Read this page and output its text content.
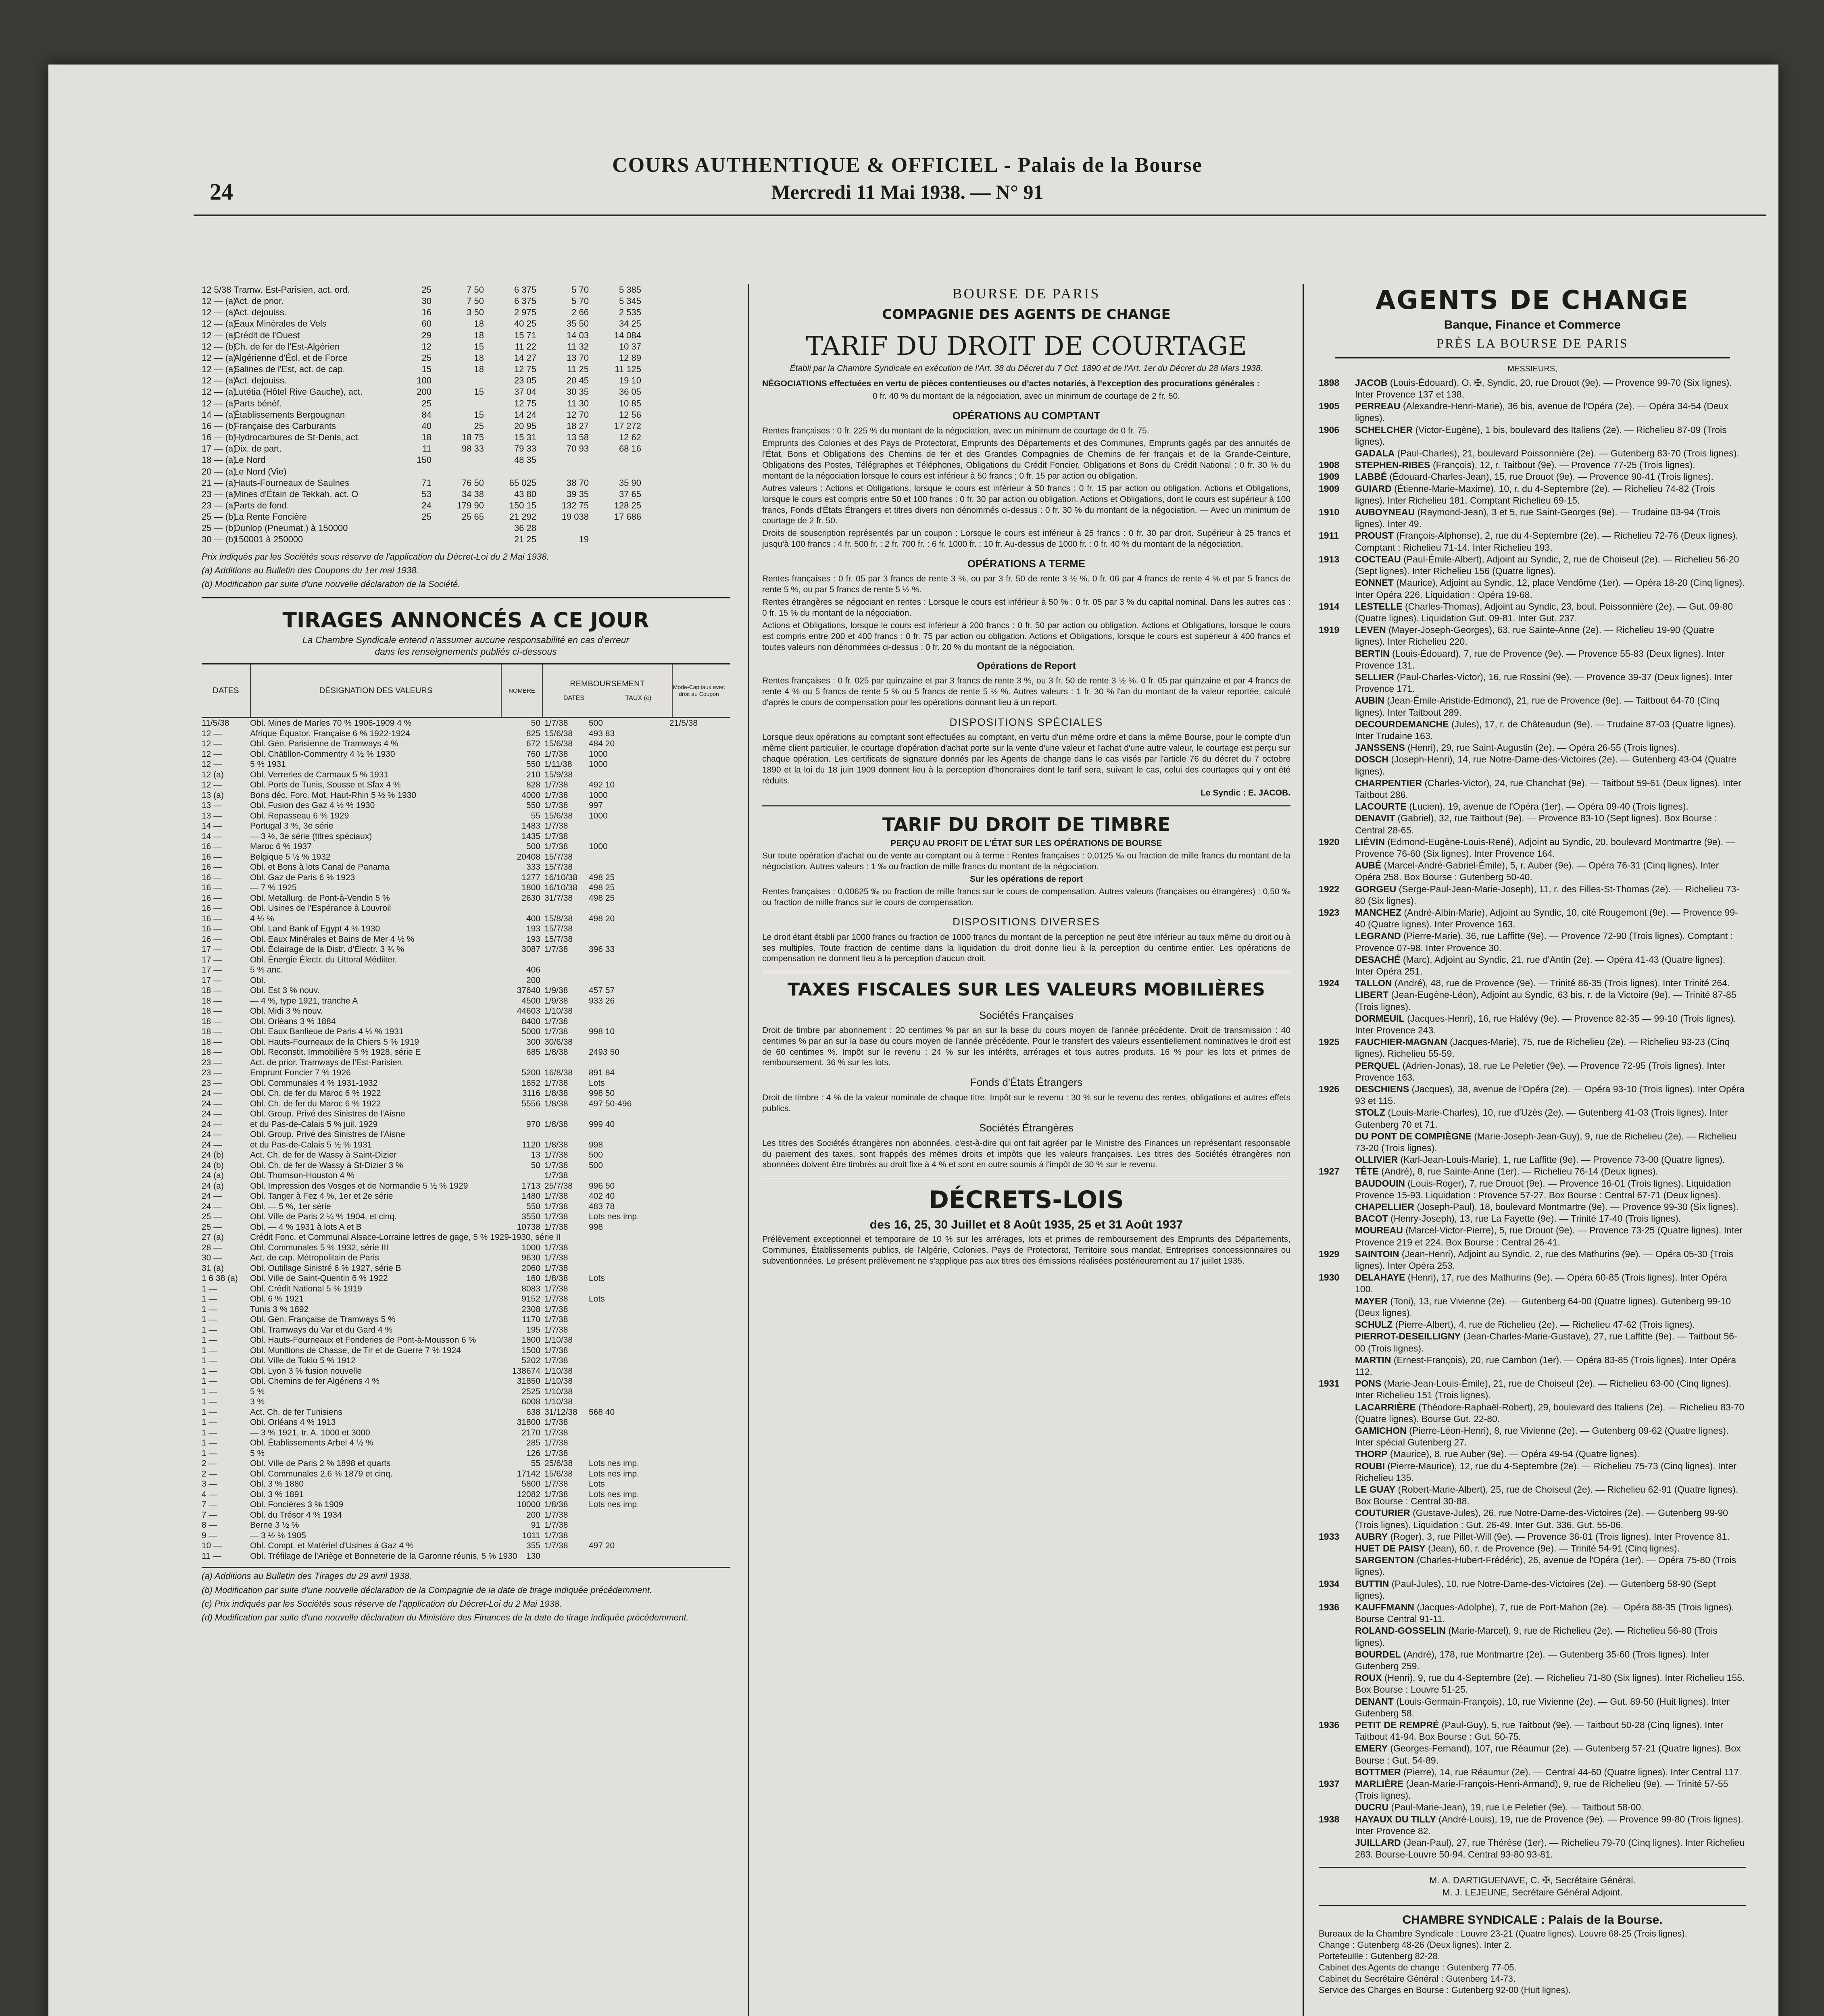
24
COURS AUTHENTIQUE & OFFICIEL - Palais de la Bourse
Mercredi 11 Mai 1938. — N° 91
12 5/38 Tramw. Est-Parisien, act. ord.	25	7 50	6 375	5 70	5 385
12 — (a)
Act. de prior.	30	7 50	6 375	5 70	5 345
12 — (a)
Act. dejouiss.	16	3 50	2 975	2 66	2 535
12 — (a)
Eaux Minérales de Vels	60	18	40 25	35 50	34 25
12 — (a)
Crédit de l'Ouest	29	18	15 71	14 03	14 084
12 — (b)
Ch. de fer de l'Est-Algérien	12	15	11 22	11 32	10 37
12 — (a)
Algérienne d'Écl. et de Force	25	18	14 27	13 70	12 89
12 — (a)
Salines de l'Est, act. de cap.	15	18	12 75	11 25	11 125
12 — (a)
Act. dejouiss.	100	23 05	20 45	19 10
12 — (a)
Lutétia (Hôtel Rive Gauche), act.	200	15	37 04	30 35	36 05
12 — (a)
Parts bénéf.	25	12 75	11 30	10 85
14 — (a)
Établissements Bergougnan	84	15	14 24	12 70	12 56
16 — (b)
Française des Carburants	40	25	20 95	18 27	17 272
16 — (b)
Hydrocarbures de St-Denis, act.	18	18 75	15 31	13 58	12 62
17 — (a)
Dix. de part.	11	98 33	79 33	70 93	68 16
18 — (a)
Le Nord	150	48 35
20 — (a)
Le Nord (Vie)
21 — (a)
Hauts-Fourneaux de Saulnes	71	76 50	65 025	38 70	35 90
23 — (a)
Mines d'Étain de Tekkah, act. O	53	34 38	43 80	39 35	37 65
23 — (a)
Parts de fond.	24	179 90	150 15	132 75	128 25
25 — (b)
La Rente Foncière	25	25 65	21 292	19 038	17 686
25 — (b)
Dunlop (Pneumat.) à 150000	36 28
30 — (b)
150001 à 250000	21 25	19
Prix indiqués par les Sociétés sous réserve de l'application du Décret-Loi du 2 Mai 1938.
(a) Additions au Bulletin des Coupons du 1er mai 1938.
(b) Modification par suite d'une nouvelle déclaration de la Société.
TIRAGES ANNONCÉS A CE JOUR
La Chambre Syndicale entend n'assumer aucune responsabilité en cas d'erreur
dans les renseignements publiés ci-dessous
DATES	DÉSIGNATION DES VALEURS	NOMBRE
REMBOURSEMENT
DATES	TAUX (c)
Mode-Capitaux avec droit au Coupon
11/5/38	Obl. Mines de Marles 70 % 1906-1909 4 %	50 1/7/38	500	21/5/38
12 —	Afrique Équator. Française 6 % 1922-1924	825 15/6/38	493 83
12 —	Obl. Gén. Parisienne de Tramways 4 %	672 15/6/38	484 20
12 —	Obl. Châtillon-Commentry 4 ½ % 1930	760 1/7/38	1000
12 —	5 % 1931	550 1/11/38	1000
12 (a)	Obl. Verreries de Carmaux 5 % 1931	210 15/9/38
12 —	Obl. Ports de Tunis, Sousse et Sfax 4 %	828 1/7/38	492 10
13 (a)	Bons déc. Forc. Mot. Haut-Rhin 5 ½ % 1930	4000 1/7/38	1000
13 —	Obl. Fusion des Gaz 4 ½ % 1930	550 1/7/38	997
13 —	Obl. Repasseau 6 % 1929	55 15/6/38	1000
14 —	Portugal 3 %, 3e série	1483 1/7/38
14 —	— 3 ½, 3e série (titres spéciaux)	1435 1/7/38
16 —	Maroc 6 % 1937	500 1/7/38	1000
16 —	Belgique 5 ½ % 1932	20408 15/7/38
16 —	Obl. et Bons à lots Canal de Panama	333 15/7/38
16 —	Obl. Gaz de Paris 6 % 1923	1277 16/10/38	498 25
16 —	— 7 % 1925	1800 16/10/38	498 25
16 —	Obl. Metallurg. de Pont-à-Vendin 5 %	2630 31/7/38	498 25
16 —	Obl. Usines de l'Espérance à Louvroil
16 —	4 ½ %	400 15/8/38	498 20
16 —	Obl. Land Bank of Egypt 4 % 1930	193 15/7/38
16 —	Obl. Eaux Minérales et Bains de Mer 4 ½ %	193 15/7/38
17 —	Obl. Éclairage de la Distr. d'Électr. 3 ¾ %	3087 1/7/38	396 33
17 —	Obl. Énergie Électr. du Littoral Médiiter.
17 —	5 % anc.	406
17 —	Obl.	200
18 —	Obl. Est 3 % nouv.	37640 1/9/38	457 57
18 —	— 4 %, type 1921, tranche A	4500 1/9/38	933 26
18 —	Obl. Midi 3 % nouv.	44603 1/10/38
18 —	Obl. Orléans 3 % 1884	8400 1/7/38
18 —	Obl. Eaux Banlieue de Paris 4 ½ % 1931	5000 1/7/38	998 10
18 —	Obl. Hauts-Fourneaux de la Chiers 5 % 1919	300 30/6/38
18 —	Obl. Reconstit. Immobilière 5 % 1928, série E	685 1/8/38	2493 50
23 —	Act. de prior. Tramways de l'Est-Parisien.
23 —	Emprunt Foncier 7 % 1926	5200 16/8/38	891 84
23 —	Obl. Communales 4 % 1931-1932	1652 1/7/38	Lots
24 —	Obl. Ch. de fer du Maroc 6 % 1922	3116 1/8/38	998 50
24 —	Obl. Ch. de fer du Maroc 6 % 1922	5556 1/8/38	497 50-496
24 —	Obl. Group. Privé des Sinistres de l'Aisne
24 —	et du Pas-de-Calais 5 % juil. 1929	970 1/8/38	999 40
24 —	Obl. Group. Privé des Sinistres de l'Aisne
24 —	et du Pas-de-Calais 5 ½ % 1931	1120 1/8/38	998
24 (b)	Act. Ch. de fer de Wassy à Saint-Dizier	13 1/7/38	500
24 (b)	Obl. Ch. de fer de Wassy à St-Dizier 3 %	50 1/7/38	500
24 (a)	Obl. Thomson-Houston 4 %	1/7/38
24 (a)	Obl. Impression des Vosges et de Normandie 5 ½ % 1929	1713 25/7/38	996 50
24 —	Obl. Tanger à Fez 4 %, 1er et 2e série	1480 1/7/38	402 40
24 —	Obl. — 5 %, 1er série	550 1/7/38	483 78
25 —	Obl. Ville de Paris 2 ¼ % 1904, et cinq.	3550 1/7/38	Lots nes imp.
25 —	Obl. — 4 % 1931 à lots A et B	10738 1/7/38	998
27 (a)	Crédit Fonc. et Communal Alsace-Lorraine lettres de gage, 5 % 1929-1930, série II
28 —	Obl. Communales 5 % 1932, série III	1000 1/7/38
30 —	Act. de cap. Métropolitain de Paris	9630 1/7/38
31 (a)	Obl. Outillage Sinistré 6 % 1927, série B	2060 1/7/38
1 6 38 (a)	Obl. Ville de Saint-Quentin 6 % 1922	160 1/8/38	Lots
1 —	Obl. Crédit National 5 % 1919	8083 1/7/38
1 —	Obl. 6 % 1921	9152 1/7/38	Lots
1 —	Tunis 3 % 1892	2308 1/7/38
1 —	Obl. Gén. Française de Tramways 5 %	1170 1/7/38
1 —	Obl. Tramways du Var et du Gard 4 %	195 1/7/38
1 —	Obl. Hauts-Fourneaux et Fonderies de Pont-à-Mousson 6 %	1800 1/10/38
1 —	Obl. Munitions de Chasse, de Tir et de Guerre 7 % 1924	1500 1/7/38
1 —	Obl. Ville de Tokio 5 % 1912	5202 1/7/38
1 —	Obl. Lyon 3 % fusion nouvelle	138674 1/10/38
1 —	Obl. Chemins de fer Algériens 4 %	31850 1/10/38
1 —	5 %	2525 1/10/38
1 —	3 %	6008 1/10/38
1 —	Act. Ch. de fer Tunisiens	638 31/12/38	568 40
1 —	Obl. Orléans 4 % 1913	31800 1/7/38
1 —	— 3 % 1921, tr. A. 1000 et 3000	2170 1/7/38
1 —	Obl. Établissements Arbel 4 ½ %	285 1/7/38
1 —	5 %	126 1/7/38
2 —	Obl. Ville de Paris 2 % 1898 et quarts	55 25/6/38	Lots nes imp.
2 —	Obl. Communales 2,6 % 1879 et cinq.	17142 15/6/38	Lots nes imp.
3 —	Obl. 3 % 1880	5800 1/7/38	Lots
4 —	Obl. 3 % 1891	12082 1/7/38	Lots nes imp.
7 —	Obl. Foncières 3 % 1909	10000 1/8/38	Lots nes imp.
7 —	Obl. du Trésor 4 % 1934	200 1/7/38
8 —	Berne 3 ½ %	91 1/7/38
9 —	— 3 ½ % 1905	1011 1/7/38
10 —	Obl. Compt. et Matériel d'Usines à Gaz 4 %	355 1/7/38	497 20
11 —	Obl. Tréfilage de l'Ariège et Bonneterie de la Garonne réunis, 5 % 1930	130
(a) Additions au Bulletin des Tirages du 29 avril 1938.
(b) Modification par suite d'une nouvelle déclaration de la Compagnie de la date de tirage indiquée précédemment.
(c) Prix indiqués par les Sociétés sous réserve de l'application du Décret-Loi du 2 Mai 1938.
(d) Modification par suite d'une nouvelle déclaration du Ministère des Finances de la date de tirage indiquée précédemment.
BOURSE DE PARIS
COMPAGNIE DES AGENTS DE CHANGE
TARIF DU DROIT DE COURTAGE
Établi par la Chambre Syndicale en exécution de l'Art. 38 du Décret du 7 Oct. 1890 et de l'Art. 1er du Décret du 28 Mars 1938.
NÉGOCIATIONS effectuées en vertu de pièces contentieuses ou d'actes notariés, à l'exception des procurations générales :
0 fr. 40 % du montant de la négociation, avec un minimum de courtage de 2 fr. 50.
OPÉRATIONS AU COMPTANT
Rentes françaises : 0 fr. 225 % du montant de la négociation, avec un minimum de courtage de 0 fr. 75.
Emprunts des Colonies et des Pays de Protectorat, Emprunts des Départements et des Communes, Emprunts gagés par des annuités de l'État, Bons et Obligations des Chemins de fer et des Grandes Compagnies de Chemins de fer français et de la Grande-Ceinture, Obligations des Postes, Télégraphes et Téléphones, Obligations du Crédit Foncier, Obligations et Bons du Crédit National : 0 fr. 30 % du montant de la négociation lorsque le cours est inférieur à 50 francs ; 0 fr. 15 par action ou obligation.
Autres valeurs : Actions et Obligations, lorsque le cours est inférieur à 50 francs : 0 fr. 15 par action ou obligation. Actions et Obligations, lorsque le cours est compris entre 50 et 100 francs : 0 fr. 30 par action ou obligation. Actions et Obligations, dont le cours est supérieur à 100 francs, Fonds d'États Étrangers et titres divers non dénommés ci-dessus : 0 fr. 30 % du montant de la négociation. — Avec un minimum de courtage de 2 fr. 50.
Droits de souscription représentés par un coupon : Lorsque le cours est inférieur à 25 francs : 0 fr. 30 par droit. Supérieur à 25 francs et jusqu'à 100 francs : 4 fr. 500 fr. : 2 fr. 700 fr. : 6 fr. 1000 fr. : 10 fr. Au-dessus de 1000 fr. : 0 fr. 40 % du montant de la négociation.
OPÉRATIONS A TERME
Rentes françaises : 0 fr. 05 par 3 francs de rente 3 %, ou par 3 fr. 50 de rente 3 ½ %. 0 fr. 06 par 4 francs de rente 4 % et par 5 francs de rente 5 %, ou par 5 francs de rente 5 ½ %.
Rentes étrangères se négociant en rentes : Lorsque le cours est inférieur à 50 % : 0 fr. 05 par 3 % du capital nominal. Dans les autres cas : 0 fr. 15 % du montant de la négociation.
Actions et Obligations, lorsque le cours est inférieur à 200 francs : 0 fr. 50 par action ou obligation. Actions et Obligations, lorsque le cours est compris entre 200 et 400 francs : 0 fr. 75 par action ou obligation. Actions et Obligations, lorsque le cours est supérieur à 400 francs et toutes valeurs non dénommées ci-dessus : 0 fr. 20 % du montant de la négociation.
Opérations de Report
Rentes françaises : 0 fr. 025 par quinzaine et par 3 francs de rente 3 %, ou 3 fr. 50 de rente 3 ½ %. 0 fr. 05 par quinzaine et par 4 francs de rente 4 % ou 5 francs de rente 5 % ou 5 francs de rente 5 ½ %. Autres valeurs : 1 fr. 30 % l'an du montant de la valeur reportée, calculé d'après le cours de compensation pour les opérations donnant lieu à un report.
DISPOSITIONS SPÉCIALES
Lorsque deux opérations au comptant sont effectuées au comptant, en vertu d'un même ordre et dans la même Bourse, pour le compte d'un même client particulier, le courtage d'opération d'achat porte sur la vente d'une valeur et l'achat d'une autre valeur, le courtage est perçu sur chaque opération. Les certificats de signature donnés par les Agents de change dans le cas visés par l'article 76 du décret du 7 octobre 1890 et la loi du 18 juin 1909 donnent lieu à la perception d'honoraires dont le tarif sera, suivant le cas, celui des courtages qui y ont été réduits.
Le Syndic : E. JACOB.
TARIF DU DROIT DE TIMBRE
PERÇU AU PROFIT DE L'ÉTAT SUR LES OPÉRATIONS DE BOURSE
Sur toute opération d'achat ou de vente au comptant ou à terme : Rentes françaises : 0,0125 ‰ ou fraction de mille francs du montant de la négociation. Autres valeurs : 1 ‰ ou fraction de mille francs du montant de la négociation.
Sur les opérations de report
Rentes françaises : 0,00625 ‰ ou fraction de mille francs sur le cours de compensation. Autres valeurs (françaises ou étrangères) : 0,50 ‰ ou fraction de mille francs sur le cours de compensation.
DISPOSITIONS DIVERSES
Le droit étant établi par 1000 francs ou fraction de 1000 francs du montant de la perception ne peut être inférieur au taux même du droit ou à ses multiples. Toute fraction de centime dans la liquidation du droit donne lieu à la perception du centime entier. Les opérations de compensation ne donnent lieu à la perception d'aucun droit.
TAXES FISCALES SUR LES VALEURS MOBILIÈRES
Sociétés Françaises
Droit de timbre par abonnement : 20 centimes % par an sur la base du cours moyen de l'année précédente. Droit de transmission : 40 centimes % par an sur la base du cours moyen de l'année précédente. Pour le transfert des valeurs essentiellement nominatives le droit est de 60 centimes %. Impôt sur le revenu : 24 % sur les intérêts, arrérages et tous autres produits. 16 % pour les lots et primes de remboursement. 36 % sur les lots.
Fonds d'États Étrangers
Droit de timbre : 4 % de la valeur nominale de chaque titre. Impôt sur le revenu : 30 % sur le revenu des rentes, obligations et autres effets publics.
Sociétés Étrangères
Les titres des Sociétés étrangères non abonnées, c'est-à-dire qui ont fait agréer par le Ministre des Finances un représentant responsable du paiement des taxes, sont frappés des mêmes droits et impôts que les valeurs françaises. Les titres des Sociétés étrangères non abonnées doivent être timbrés au droit fixe à 4 % et sont en outre soumis à l'impôt de 30 % sur le revenu.
DÉCRETS-LOIS
des 16, 25, 30 Juillet et 8 Août 1935, 25 et 31 Août 1937
Prélèvement exceptionnel et temporaire de 10 % sur les arrérages, lots et primes de remboursement des Emprunts des Départements, Communes, Établissements publics, de l'Algérie, Colonies, Pays de Protectorat, Territoire sous mandat, Entreprises concessionnaires ou subventionnées. Le présent prélèvement ne s'applique pas aux titres des émissions réalisées postérieurement au 17 juillet 1935.
AGENTS DE CHANGE
Banque, Finance et Commerce
PRÈS LA BOURSE DE PARIS
MESSIEURS,
1898	JACOB (Louis-Édouard), O. ✠, Syndic, 20, rue Drouot (9e). — Provence 99-70 (Six lignes). Inter Provence 137 et 138.
1905	PERREAU (Alexandre-Henri-Marie), 36 bis, avenue de l'Opéra (2e). — Opéra 34-54 (Deux lignes).
1906	SCHELCHER (Victor-Eugène), 1 bis, boulevard des Italiens (2e). — Richelieu 87-09 (Trois lignes).
GADALA (Paul-Charles), 21, boulevard Poissonnière (2e). — Gutenberg 83-70 (Trois lignes).
1908	STEPHEN-RIBES (François), 12, r. Taitbout (9e). — Provence 77-25 (Trois lignes).
1909	LABBÉ (Édouard-Charles-Jean), 15, rue Drouot (9e). — Provence 90-41 (Trois lignes).
1909	GUIARD (Étienne-Marie-Maxime), 10, r. du 4-Septembre (2e). — Richelieu 74-82 (Trois lignes). Inter Richelieu 181. Comptant Richelieu 69-15.
1910	AUBOYNEAU (Raymond-Jean), 3 et 5, rue Saint-Georges (9e). — Trudaine 03-94 (Trois lignes). Inter 49.
1911	PROUST (François-Alphonse), 2, rue du 4-Septembre (2e). — Richelieu 72-76 (Deux lignes). Comptant : Richelieu 71-14. Inter Richelieu 193.
1913	COCTEAU (Paul-Émile-Albert), Adjoint au Syndic, 2, rue de Choiseul (2e). — Richelieu 56-20 (Sept lignes). Inter Richelieu 156 (Quatre lignes).
EONNET (Maurice), Adjoint au Syndic, 12, place Vendôme (1er). — Opéra 18-20 (Cinq lignes). Inter Opéra 226. Liquidation : Opéra 19-68.
1914	LESTELLE (Charles-Thomas), Adjoint au Syndic, 23, boul. Poissonnière (2e). — Gut. 09-80 (Quatre lignes). Liquidation Gut. 09-81. Inter Gut. 237.
1919	LEVEN (Mayer-Joseph-Georges), 63, rue Sainte-Anne (2e). — Richelieu 19-90 (Quatre lignes). Inter Richelieu 220.
BERTIN (Louis-Édouard), 7, rue de Provence (9e). — Provence 55-83 (Deux lignes). Inter Provence 131.
SELLIER (Paul-Charles-Victor), 16, rue Rossini (9e). — Provence 39-37 (Deux lignes). Inter Provence 171.
AUBIN (Jean-Émile-Aristide-Edmond), 21, rue de Provence (9e). — Taitbout 64-70 (Cinq lignes). Inter Taitbout 289.
DECOURDEMANCHE (Jules), 17, r. de Châteaudun (9e). — Trudaine 87-03 (Quatre lignes). Inter Trudaine 163.
JANSSENS (Henri), 29, rue Saint-Augustin (2e). — Opéra 26-55 (Trois lignes).
DOSCH (Joseph-Henri), 14, rue Notre-Dame-des-Victoires (2e). — Gutenberg 43-04 (Quatre lignes).
CHARPENTIER (Charles-Victor), 24, rue Chanchat (9e). — Taitbout 59-61 (Deux lignes). Inter Taitbout 286.
LACOURTE (Lucien), 19, avenue de l'Opéra (1er). — Opéra 09-40 (Trois lignes).
DENAVIT (Gabriel), 32, rue Taitbout (9e). — Provence 83-10 (Sept lignes). Box Bourse : Central 28-65.
1920	LIÉVIN (Edmond-Eugène-Louis-René), Adjoint au Syndic, 20, boulevard Montmartre (9e). — Provence 76-60 (Six lignes). Inter Provence 164.
AUBÉ (Marcel-André-Gabriel-Émile), 5, r. Auber (9e). — Opéra 76-31 (Cinq lignes). Inter Opéra 258. Box Bourse : Gutenberg 50-40.
1922	GORGEU (Serge-Paul-Jean-Marie-Joseph), 11, r. des Filles-St-Thomas (2e). — Richelieu 73-80 (Six lignes).
1923	MANCHEZ (André-Albin-Marie), Adjoint au Syndic, 10, cité Rougemont (9e). — Provence 99-40 (Quatre lignes). Inter Provence 163.
LEGRAND (Pierre-Marie), 36, rue Laffitte (9e). — Provence 72-90 (Trois lignes). Comptant : Provence 07-98. Inter Provence 30.
DESACHÉ (Marc), Adjoint au Syndic, 21, rue d'Antin (2e). — Opéra 41-43 (Quatre lignes). Inter Opéra 251.
1924	TALLON (André), 48, rue de Provence (9e). — Trinité 86-35 (Trois lignes). Inter Trinité 264.
LIBERT (Jean-Eugène-Léon), Adjoint au Syndic, 63 bis, r. de la Victoire (9e). — Trinité 87-85 (Trois lignes).
DORMEUIL (Jacques-Henri), 16, rue Halévy (9e). — Provence 82-35 — 99-10 (Trois lignes). Inter Provence 243.
1925	FAUCHIER-MAGNAN (Jacques-Marie), 75, rue de Richelieu (2e). — Richelieu 93-23 (Cinq lignes). Richelieu 55-59.
PERQUEL (Adrien-Jonas), 18, rue Le Peletier (9e). — Provence 72-95 (Trois lignes). Inter Provence 163.
1926	DESCHIENS (Jacques), 38, avenue de l'Opéra (2e). — Opéra 93-10 (Trois lignes). Inter Opéra 93 et 115.
STOLZ (Louis-Marie-Charles), 10, rue d'Uzès (2e). — Gutenberg 41-03 (Trois lignes). Inter Gutenberg 70 et 71.
DU PONT DE COMPIÈGNE (Marie-Joseph-Jean-Guy), 9, rue de Richelieu (2e). — Richelieu 73-20 (Trois lignes).
OLLIVIER (Karl-Jean-Louis-Marie), 1, rue Laffitte (9e). — Provence 73-00 (Quatre lignes).
1927	TÊTE (André), 8, rue Sainte-Anne (1er). — Richelieu 76-14 (Deux lignes).
BAUDOUIN (Louis-Roger), 7, rue Drouot (9e). — Provence 16-01 (Trois lignes). Liquidation Provence 15-93. Liquidation : Provence 57-27. Box Bourse : Central 67-71 (Deux lignes).
CHAPELLIER (Joseph-Paul), 18, boulevard Montmartre (9e). — Provence 99-30 (Six lignes).
BACOT (Henry-Joseph), 13, rue La Fayette (9e). — Trinité 17-40 (Trois lignes).
MOUREAU (Marcel-Victor-Pierre), 5, rue Drouot (9e). — Provence 73-25 (Quatre lignes). Inter Provence 219 et 224. Box Bourse : Central 26-41.
1929	SAINTOIN (Jean-Henri), Adjoint au Syndic, 2, rue des Mathurins (9e). — Opéra 05-30 (Trois lignes). Inter Opéra 253.
1930	DELAHAYE (Henri), 17, rue des Mathurins (9e). — Opéra 60-85 (Trois lignes). Inter Opéra 100.
MAYER (Toni), 13, rue Vivienne (2e). — Gutenberg 64-00 (Quatre lignes). Gutenberg 99-10 (Deux lignes).
SCHULZ (Pierre-Albert), 4, rue de Richelieu (2e). — Richelieu 47-62 (Trois lignes).
PIERROT-DESEILLIGNY (Jean-Charles-Marie-Gustave), 27, rue Laffitte (9e). — Taitbout 56-00 (Trois lignes).
MARTIN (Ernest-François), 20, rue Cambon (1er). — Opéra 83-85 (Trois lignes). Inter Opéra 112.
1931	PONS (Marie-Jean-Louis-Émile), 21, rue de Choiseul (2e). — Richelieu 63-00 (Cinq lignes). Inter Richelieu 151 (Trois lignes).
LACARRIÈRE (Théodore-Raphaël-Robert), 29, boulevard des Italiens (2e). — Richelieu 83-70 (Quatre lignes). Bourse Gut. 22-80.
GAMICHON (Pierre-Léon-Henri), 8, rue Vivienne (2e). — Gutenberg 09-62 (Quatre lignes). Inter spécial Gutenberg 27.
THORP (Maurice), 8, rue Auber (9e). — Opéra 49-54 (Quatre lignes).
ROUBI (Pierre-Maurice), 12, rue du 4-Septembre (2e). — Richelieu 75-73 (Cinq lignes). Inter Richelieu 135.
LE GUAY (Robert-Marie-Albert), 25, rue de Choiseul (2e). — Richelieu 62-91 (Quatre lignes). Box Bourse : Central 30-88.
COUTURIER (Gustave-Jules), 26, rue Notre-Dame-des-Victoires (2e). — Gutenberg 99-90 (Trois lignes). Liquidation : Gut. 26-49. Inter Gut. 336. Gut. 55-06.
1933	AUBRY (Roger), 3, rue Pillet-Will (9e). — Provence 36-01 (Trois lignes). Inter Provence 81.
HUET DE PAISY (Jean), 60, r. de Provence (9e). — Trinité 54-91 (Cinq lignes).
SARGENTON (Charles-Hubert-Frédéric), 26, avenue de l'Opéra (1er). — Opéra 75-80 (Trois lignes).
1934	BUTTIN (Paul-Jules), 10, rue Notre-Dame-des-Victoires (2e). — Gutenberg 58-90 (Sept lignes).
1936	KAUFFMANN (Jacques-Adolphe), 7, rue de Port-Mahon (2e). — Opéra 88-35 (Trois lignes). Bourse Central 91-11.
ROLAND-GOSSELIN (Marie-Marcel), 9, rue de Richelieu (2e). — Richelieu 56-80 (Trois lignes).
BOURDEL (André), 178, rue Montmartre (2e). — Gutenberg 35-60 (Trois lignes). Inter Gutenberg 259.
ROUX (Henri), 9, rue du 4-Septembre (2e). — Richelieu 71-80 (Six lignes). Inter Richelieu 155. Box Bourse : Louvre 51-25.
DENANT (Louis-Germain-François), 10, rue Vivienne (2e). — Gut. 89-50 (Huit lignes). Inter Gutenberg 58.
1936	PETIT DE REMPRÉ (Paul-Guy), 5, rue Taitbout (9e). — Taitbout 50-28 (Cinq lignes). Inter Taitbout 41-94. Box Bourse : Gut. 50-75.
EMERY (Georges-Fernand), 107, rue Réaumur (2e). — Gutenberg 57-21 (Quatre lignes). Box Bourse : Gut. 54-89.
BOTTMER (Pierre), 14, rue Réaumur (2e). — Central 44-60 (Quatre lignes). Inter Central 117.
1937	MARLIÈRE (Jean-Marie-François-Henri-Armand), 9, rue de Richelieu (9e). — Trinité 57-55 (Trois lignes).
DUCRU (Paul-Marie-Jean), 19, rue Le Peletier (9e). — Taitbout 58-00.
1938	HAYAUX DU TILLY (André-Louis), 19, rue de Provence (9e). — Provence 99-80 (Trois lignes). Inter Provence 82.
JUILLARD (Jean-Paul), 27, rue Thérèse (1er). — Richelieu 79-70 (Cinq lignes). Inter Richelieu 283. Bourse-Louvre 50-94. Central 93-80 93-81.
M. A. DARTIGUENAVE, C. ✠, Secrétaire Général.
M. J. LEJEUNE, Secrétaire Général Adjoint.
CHAMBRE SYNDICALE : Palais de la Bourse.
Bureaux de la Chambre Syndicale : Louvre 23-21 (Quatre lignes). Louvre 68-25 (Trois lignes).
Change : Gutenberg 48-26 (Deux lignes). Inter 2.
Portefeuille : Gutenberg 82-28.
Cabinet des Agents de change : Gutenberg 77-05.
Cabinet du Secrétaire Général : Gutenberg 14-73.
Service des Charges en Bourse : Gutenberg 92-00 (Huit lignes).
